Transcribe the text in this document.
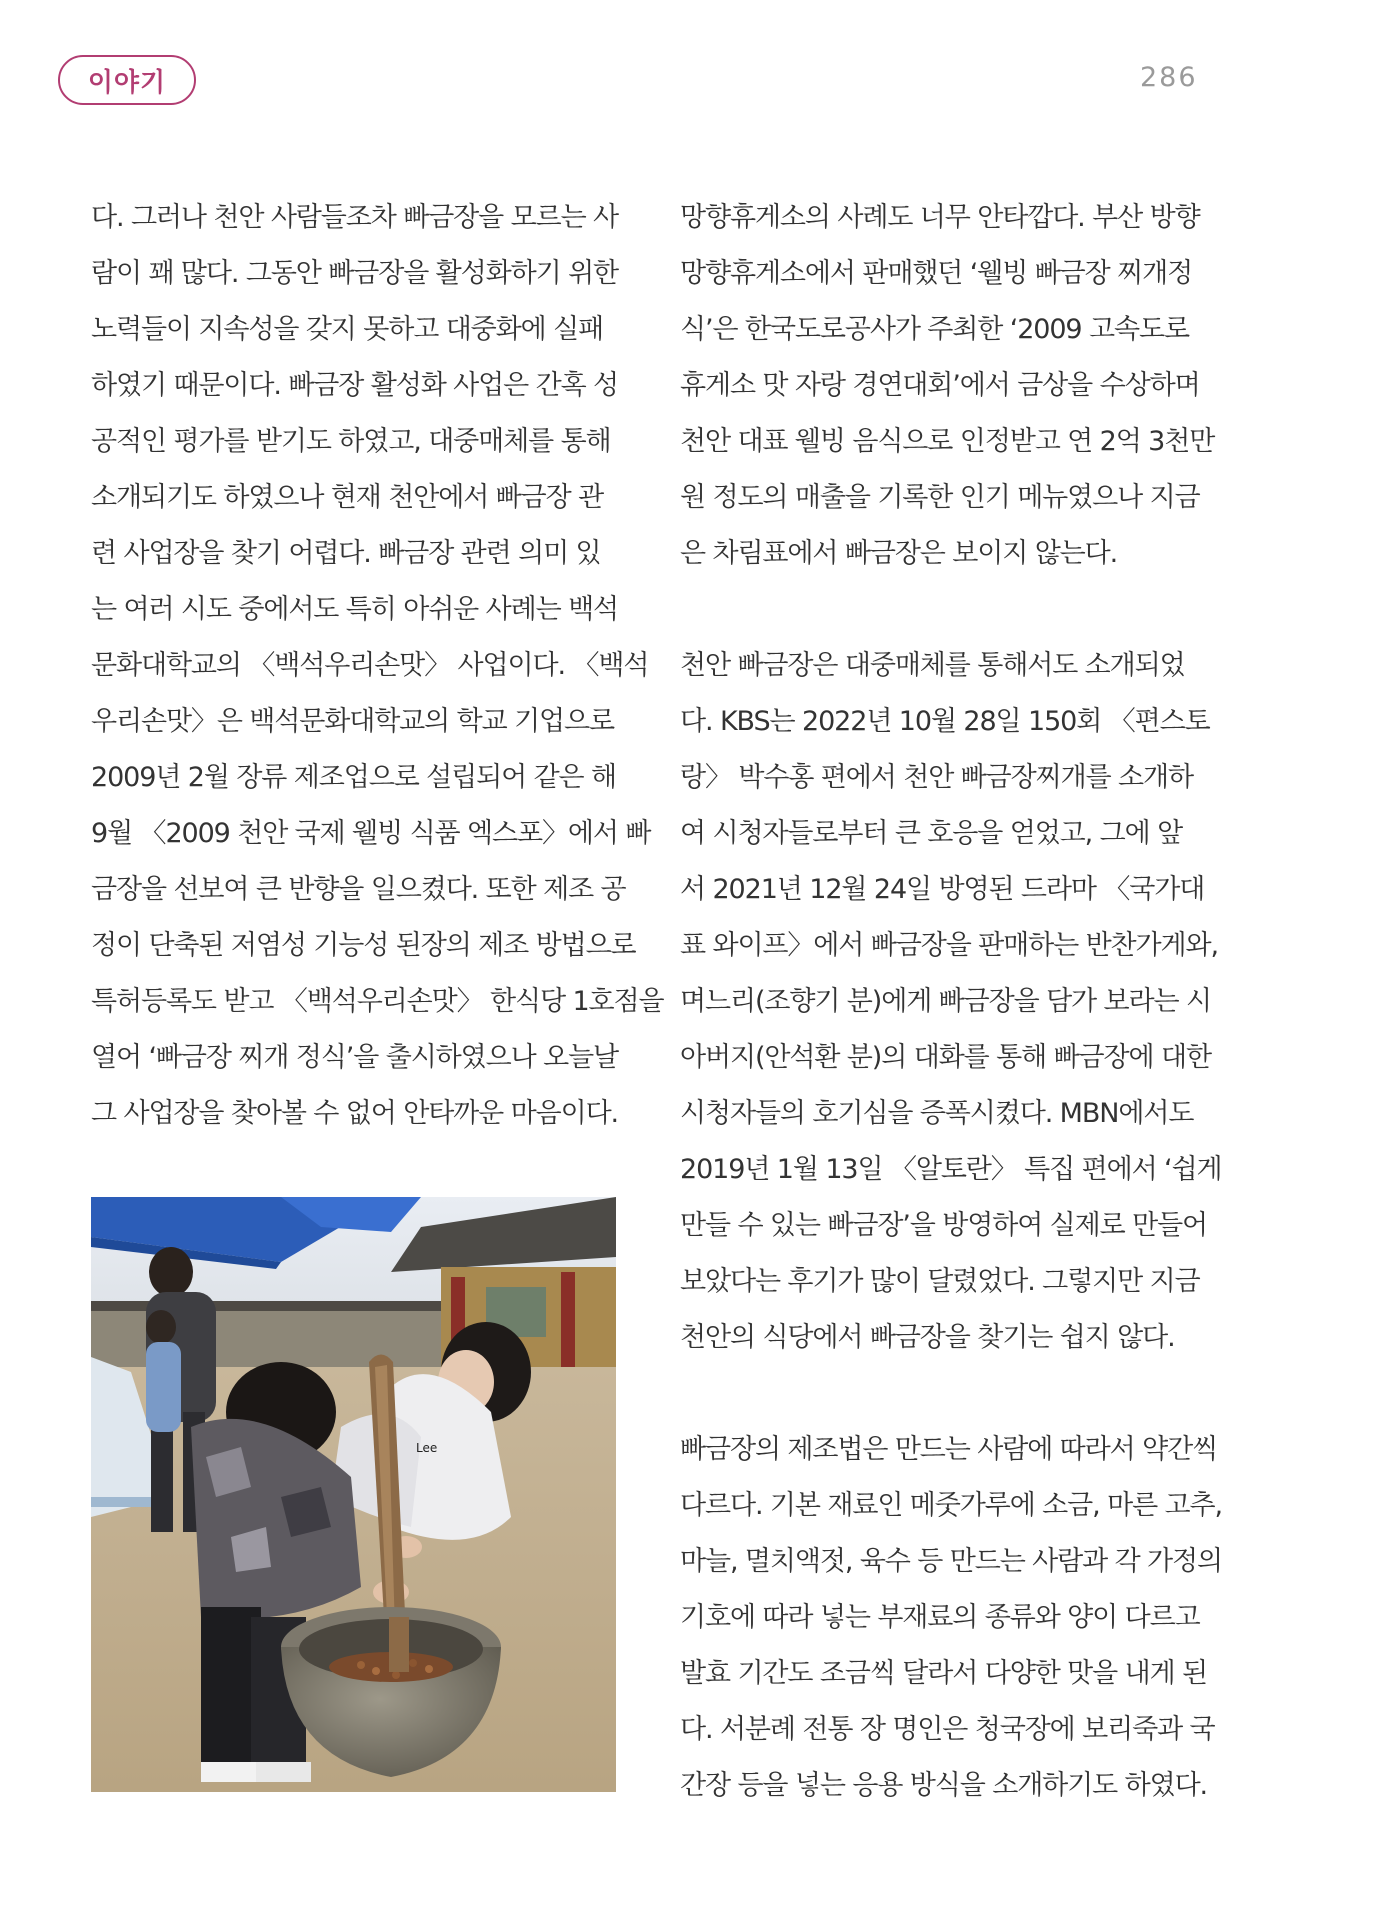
이야기	286
다. 그러나 천안 사람들조차 빠금장을 모르는 사
람이 꽤 많다. 그동안 빠금장을 활성화하기 위한
노력들이 지속성을 갖지 못하고 대중화에 실패
하였기 때문이다. 빠금장 활성화 사업은 간혹 성
공적인 평가를 받기도 하였고, 대중매체를 통해
소개되기도 하였으나 현재 천안에서 빠금장 관
련 사업장을 찾기 어렵다. 빠금장 관련 의미 있
는 여러 시도 중에서도 특히 아쉬운 사례는 백석
문화대학교의 〈백석우리손맛〉 사업이다. 〈백석
우리손맛〉은 백석문화대학교의 학교 기업으로
2009년 2월 장류 제조업으로 설립되어 같은 해
9월 〈2009 천안 국제 웰빙 식품 엑스포〉에서 빠
금장을 선보여 큰 반향을 일으켰다. 또한 제조 공
정이 단축된 저염성 기능성 된장의 제조 방법으로
특허등록도 받고 〈백석우리손맛〉 한식당 1호점을
열어 ‘빠금장 찌개 정식’을 출시하였으나 오늘날
그 사업장을 찾아볼 수 없어 안타까운 마음이다.
Lee
망향휴게소의 사례도 너무 안타깝다. 부산 방향
망향휴게소에서 판매했던 ‘웰빙 빠금장 찌개정
식’은 한국도로공사가 주최한 ‘2009 고속도로
휴게소 맛 자랑 경연대회’에서 금상을 수상하며
천안 대표 웰빙 음식으로 인정받고 연 2억 3천만
원 정도의 매출을 기록한 인기 메뉴였으나 지금
은 차림표에서 빠금장은 보이지 않는다.
천안 빠금장은 대중매체를 통해서도 소개되었
다. KBS는 2022년 10월 28일 150회 〈편스토
랑〉 박수홍 편에서 천안 빠금장찌개를 소개하
여 시청자들로부터 큰 호응을 얻었고, 그에 앞
서 2021년 12월 24일 방영된 드라마 〈국가대
표 와이프〉에서 빠금장을 판매하는 반찬가게와,
며느리(조향기 분)에게 빠금장을 담가 보라는 시
아버지(안석환 분)의 대화를 통해 빠금장에 대한
시청자들의 호기심을 증폭시켰다. MBN에서도
2019년 1월 13일 〈알토란〉 특집 편에서 ‘쉽게
만들 수 있는 빠금장’을 방영하여 실제로 만들어
보았다는 후기가 많이 달렸었다. 그렇지만 지금
천안의 식당에서 빠금장을 찾기는 쉽지 않다.
빠금장의 제조법은 만드는 사람에 따라서 약간씩
다르다. 기본 재료인 메줏가루에 소금, 마른 고추,
마늘, 멸치액젓, 육수 등 만드는 사람과 각 가정의
기호에 따라 넣는 부재료의 종류와 양이 다르고
발효 기간도 조금씩 달라서 다양한 맛을 내게 된
다. 서분례 전통 장 명인은 청국장에 보리죽과 국
간장 등을 넣는 응용 방식을 소개하기도 하였다.
